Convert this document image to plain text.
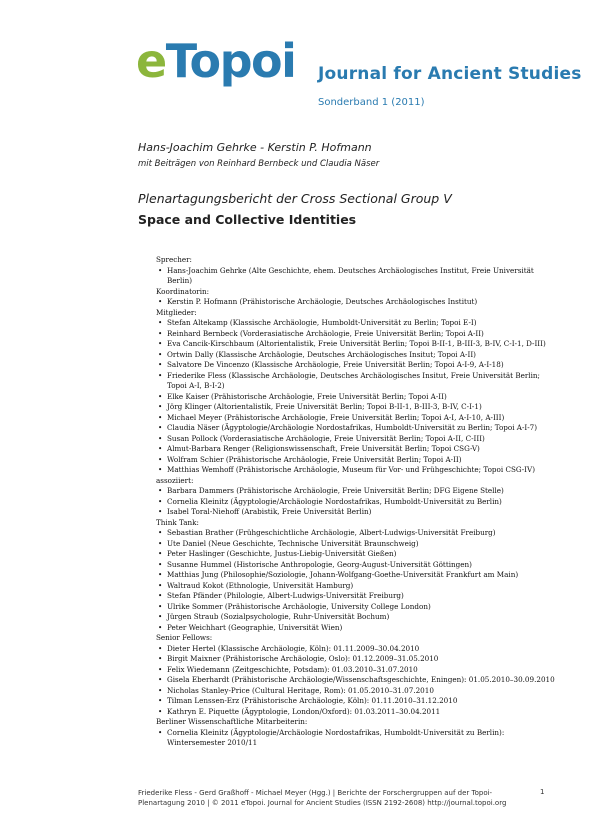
eTopoi Journal for Ancient Studies
Sonderband 1 (2011)
Hans-Joachim Gehrke - Kerstin P. Hofmann
mit Beiträgen von Reinhard Bernbeck und Claudia Näser
Plenartagungsbericht der Cross Sectional Group V
Space and Collective Identities
Sprecher:
• Hans-Joachim Gehrke (Alte Geschichte, ehem. Deutsches Archäologisches Institut, Freie Universität Berlin)
Koordinatorin:
• Kerstin P. Hofmann (Prähistorische Archäologie, Deutsches Archäologisches Institut)
Mitglieder:
• Stefan Altekamp (Klassische Archäologie, Humboldt-Universität zu Berlin; Topoi E-I)
• Reinhard Bernbeck (Vorderasiatische Archäologie, Freie Universität Berlin; Topoi A-II)
• Eva Cancik-Kirschbaum (Altorientalistik, Freie Universität Berlin; Topoi B-II-1, B-III-3, B-IV, C-I-1, D-III)
• Ortwin Dally (Klassische Archäologie, Deutsches Archäologisches Insitut; Topoi A-II)
• Salvatore De Vincenzo (Klassische Archäologie, Freie Universität Berlin; Topoi A-I-9, A-I-18)
• Friederike Fless (Klassische Archäologie, Deutsches Archäologisches Insitut, Freie Universität Berlin; Topoi A-I, B-I-2)
• Elke Kaiser (Prähistorische Archäologie, Freie Universität Berlin; Topoi A-II)
• Jörg Klinger (Altorientalistik, Freie Universität Berlin; Topoi B-II-1, B-III-3, B-IV, C-I-1)
• Michael Meyer (Prähistorische Archäologie, Freie Universität Berlin; Topoi A-I, A-I-10, A-III)
• Claudia Näser (Ägyptologie/Archäologie Nordostafrikas, Humboldt-Universität zu Berlin; Topoi A-I-7)
• Susan Pollock (Vorderasiatische Archäologie, Freie Universität Berlin; Topoi A-II, C-III)
• Almut-Barbara Renger (Religionswissenschaft, Freie Universität Berlin; Topoi CSG-V)
• Wolfram Schier (Prähistorische Archäologie, Freie Universität Berlin; Topoi A-II)
• Matthias Wemhoff (Prähistorische Archäologie, Museum für Vor- und Frühgeschichte; Topoi CSG-IV)
assoziiert:
• Barbara Dammers (Prähistorische Archäologie, Freie Universität Berlin; DFG Eigene Stelle)
• Cornelia Kleinitz (Ägyptologie/Archäologie Nordostafrikas, Humboldt-Universität zu Berlin)
• Isabel Toral-Niehoff (Arabistik, Freie Universität Berlin)
Think Tank:
• Sebastian Brather (Frühgeschichtliche Archäologie, Albert-Ludwigs-Universität Freiburg)
• Ute Daniel (Neue Geschichte, Technische Universität Braunschweig)
• Peter Haslinger (Geschichte, Justus-Liebig-Universität Gießen)
• Susanne Hummel (Historische Anthropologie, Georg-August-Universität Göttingen)
• Matthias Jung (Philosophie/Soziologie, Johann-Wolfgang-Goethe-Universität Frankfurt am Main)
• Waltraud Kokot (Ethnologie, Universität Hamburg)
• Stefan Pfänder (Philologie, Albert-Ludwigs-Universität Freiburg)
• Ulrike Sommer (Prähistorische Archäologie, University College London)
• Jürgen Straub (Sozialpsychologie, Ruhr-Universität Bochum)
• Peter Weichhart (Geographie, Universität Wien)
Senior Fellows:
• Dieter Hertel (Klassische Archäologie, Köln): 01.11.2009–30.04.2010
• Birgit Maixner (Prähistorische Archäologie, Oslo): 01.12.2009–31.05.2010
• Felix Wiedemann (Zeitgeschichte, Potsdam): 01.03.2010–31.07.2010
• Gisela Eberhardt (Prähistorische Archäologie/Wissenschaftsgeschichte, Eningen): 01.05.2010–30.09.2010
• Nicholas Stanley-Price (Cultural Heritage, Rom): 01.05.2010–31.07.2010
• Tilman Lenssen-Erz (Prähistorische Archäologie, Köln): 01.11.2010–31.12.2010
• Kathryn E. Piquette (Ägyptologie, London/Oxford): 01.03.2011–30.04.2011
Berliner Wissenschaftliche Mitarbeiterin:
• Cornelia Kleinitz (Ägyptologie/Archäologie Nordostafrikas, Humboldt-Universität zu Berlin): Wintersemester 2010/11
Friederike Fless - Gerd Graßhoff - Michael Meyer (Hgg.) | Berichte der Forschergruppen auf der Topoi-
Plenartagung 2010 | © 2011 eTopoi. Journal for Ancient Studies (ISSN 2192-2608) http://journal.topoi.org
1
